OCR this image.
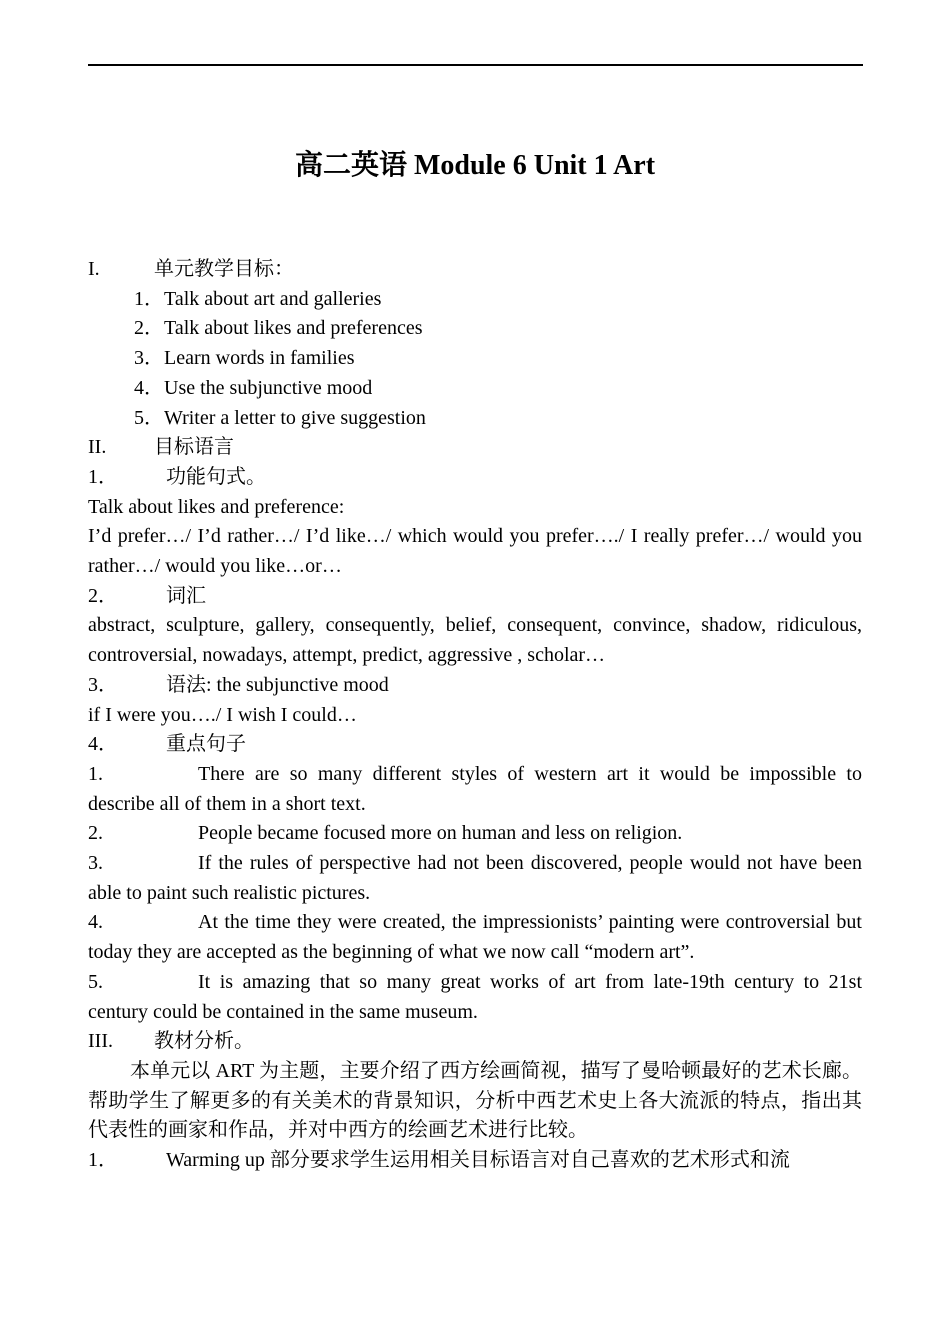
高二英语 Module 6 Unit 1 Art
I.	单元教学目标：
1． Talk about art and galleries
2． Talk about likes and preferences
3． Learn words in families
4． Use the subjunctive mood
5． Writer a letter to give suggestion
II.	目标语言
1．	功能句式。
Talk about likes and preference:
I’d prefer…/ I’d rather…/ I’d like…/ which would you prefer…./ I really prefer…/ would you rather…/ would you like…or…
2．	词汇
abstract, sculpture, gallery, consequently, belief, consequent, convince, shadow, ridiculous, controversial, nowadays, attempt, predict, aggressive , scholar…
3．	语法: the subjunctive mood
if I were you…./ I wish I could…
4．	重点句子
1.	There are so many different styles of western art it would be impossible to describe all of them in a short text.
2.	People became focused more on human and less on religion.
3.	If the rules of perspective had not been discovered, people would not have been able to paint such realistic pictures.
4.	At the time they were created, the impressionists’ painting were controversial but today they are accepted as the beginning of what we now call “modern art”.
5.	It is amazing that so many great works of art from late-19th century to 21st century could be contained in the same museum.
III.	教材分析。
本单元以 ART 为主题，主要介绍了西方绘画简视，描写了曼哈顿最好的艺术长廊。帮助学生了解更多的有关美术的背景知识，分析中西艺术史上各大流派的特点，指出其代表性的画家和作品，并对中西方的绘画艺术进行比较。
1．	Warming up 部分要求学生运用相关目标语言对自己喜欢的艺术形式和流
